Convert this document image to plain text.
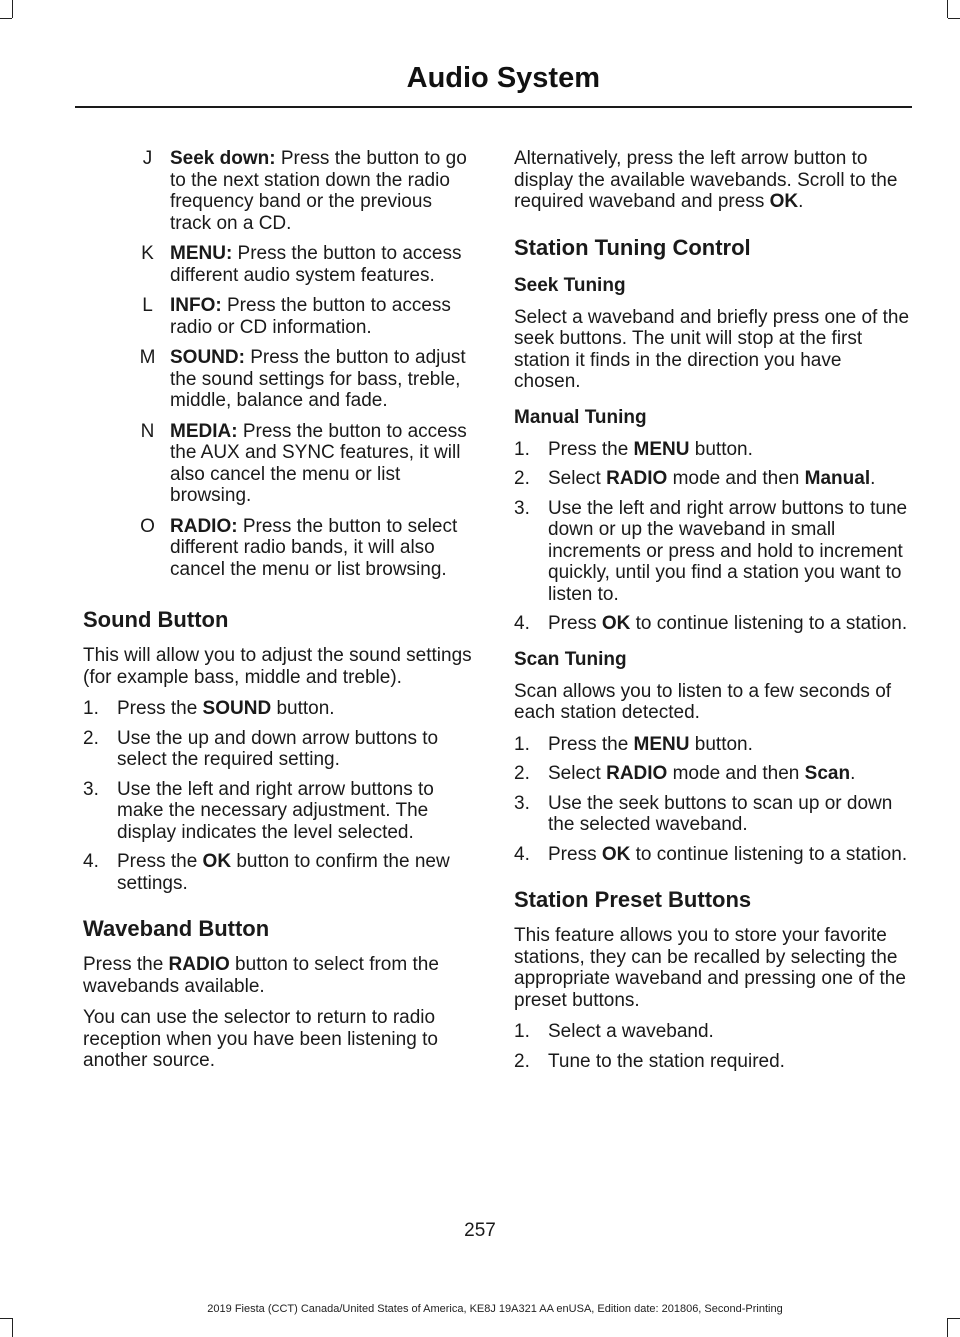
Audio System
J Seek down: Press the button to go to the next station down the radio frequency band or the previous track on a CD.
K MENU: Press the button to access different audio system features.
L INFO: Press the button to access radio or CD information.
M SOUND: Press the button to adjust the sound settings for bass, treble, middle, balance and fade.
N MEDIA: Press the button to access the AUX and SYNC features, it will also cancel the menu or list browsing.
O RADIO: Press the button to select different radio bands, it will also cancel the menu or list browsing.
Sound Button

This will allow you to adjust the sound settings (for example bass, middle and treble).

1. Press the SOUND button.
2. Use the up and down arrow buttons to select the required setting.
3. Use the left and right arrow buttons to make the necessary adjustment. The display indicates the level selected.
4. Press the OK button to confirm the new settings.
Waveband Button

Press the RADIO button to select from the wavebands available.

You can use the selector to return to radio reception when you have been listening to another source.

Alternatively, press the left arrow button to display the available wavebands. Scroll to the required waveband and press OK.

Station Tuning Control
Seek Tuning

Select a waveband and briefly press one of the seek buttons. The unit will stop at the first station it finds in the direction you have chosen.

Manual Tuning
1. Press the MENU button.
2. Select RADIO mode and then Manual.
3. Use the left and right arrow buttons to tune down or up the waveband in small increments or press and hold to increment quickly, until you find a station you want to listen to.
4. Press OK to continue listening to a station.
Scan Tuning

Scan allows you to listen to a few seconds of each station detected.

1. Press the MENU button.
2. Select RADIO mode and then Scan.
3. Use the seek buttons to scan up or down the selected waveband.
4. Press OK to continue listening to a station.
Station Preset Buttons

This feature allows you to store your favorite stations, they can be recalled by selecting the appropriate waveband and pressing one of the preset buttons.

1. Select a waveband.
2. Tune to the station required.
257
2019 Fiesta (CCT) Canada/United States of America, KE8J 19A321 AA enUSA, Edition date: 201806, Second-Printing
